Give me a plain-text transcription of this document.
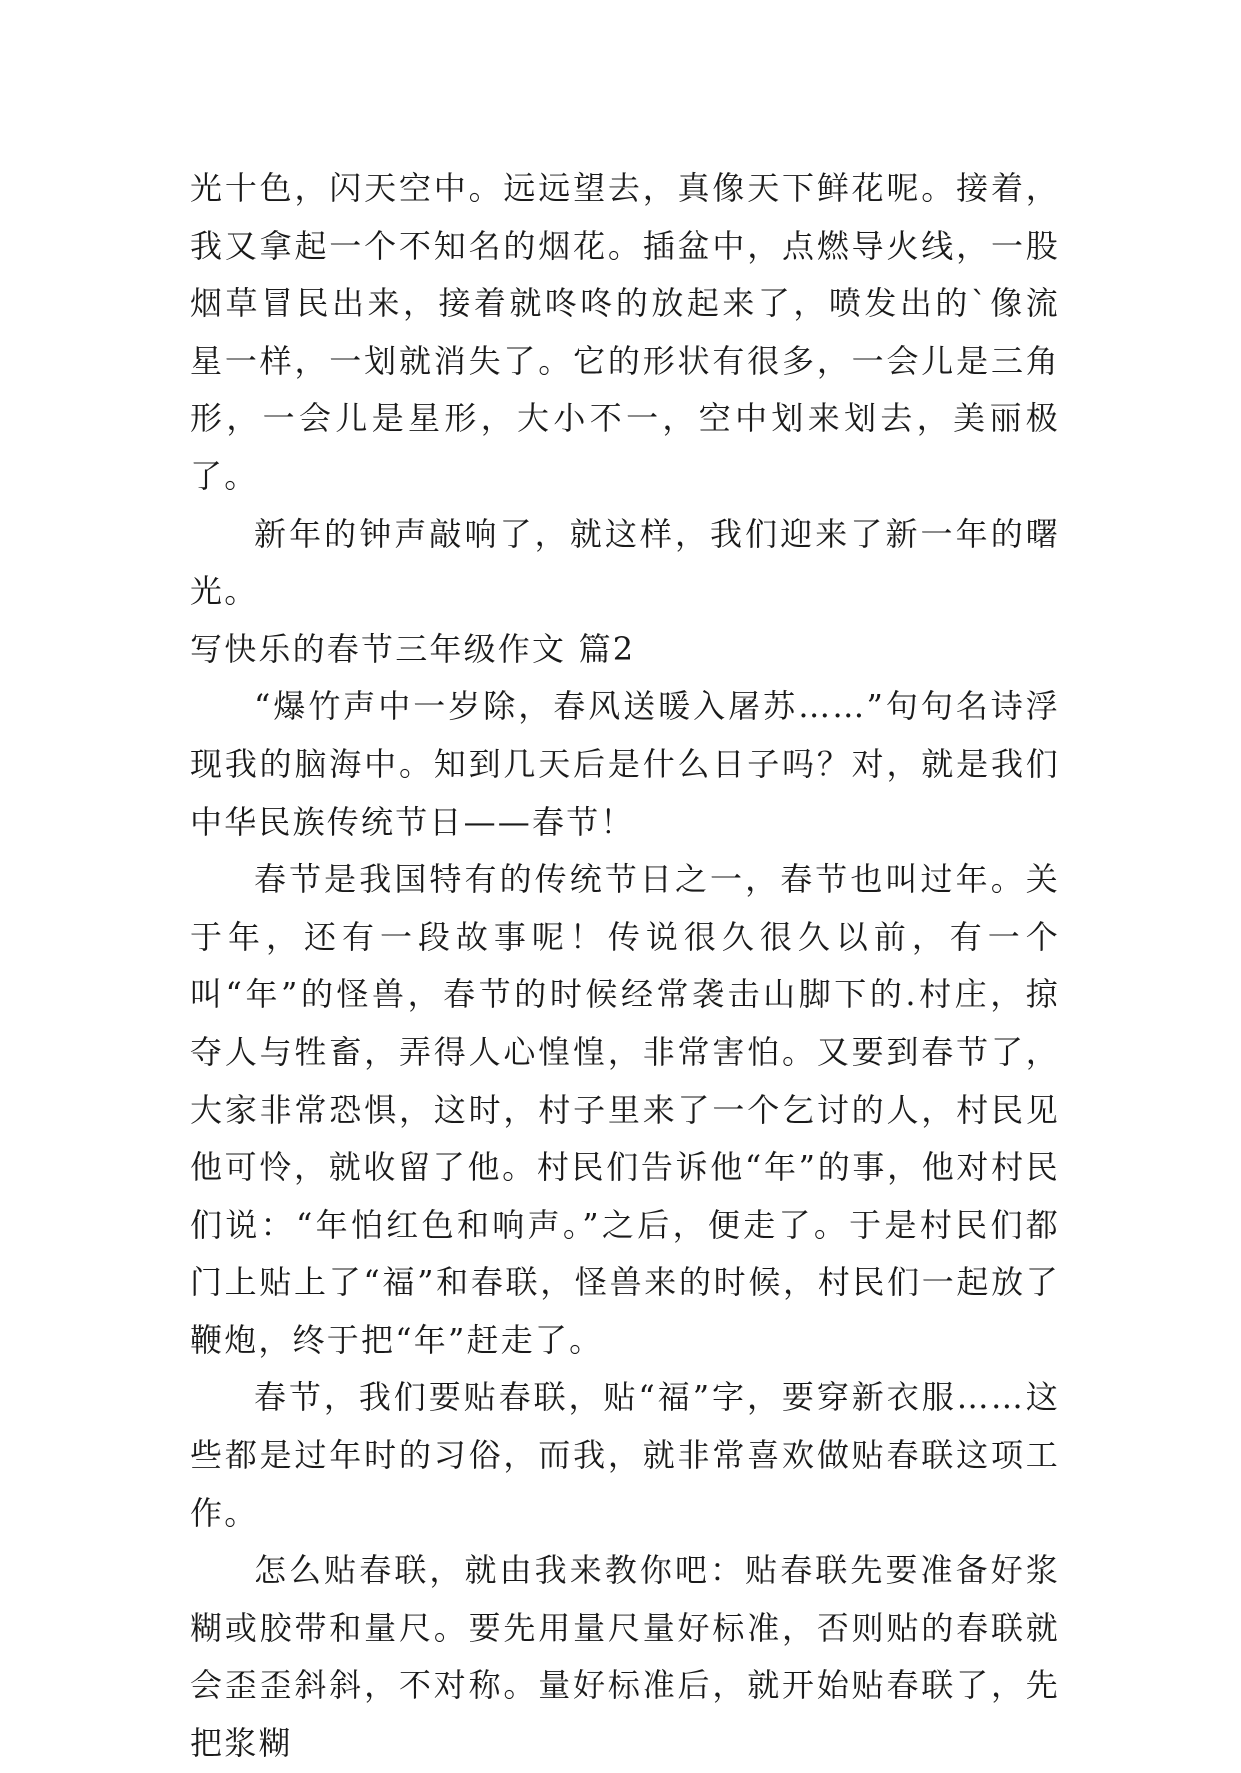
光十色，闪天空中。远远望去，真像天下鲜花呢。接着，我又拿起一个不知名的烟花。插盆中，点燃导火线，一股烟草冒民出来，接着就咚咚的放起来了，喷发出的`像流星一样，一划就消失了。它的形状有很多，一会儿是三角形，一会儿是星形，大小不一，空中划来划去，美丽极了。

新年的钟声敲响了，就这样，我们迎来了新一年的曙光。

写快乐的春节三年级作文 篇2

“爆竹声中一岁除，春风送暖入屠苏……”句句名诗浮现我的脑海中。知到几天后是什么日子吗？对，就是我们中华民族传统节日——春节！

春节是我国特有的传统节日之一，春节也叫过年。关于年，还有一段故事呢！传说很久很久以前，有一个叫“年”的怪兽，春节的时候经常袭击山脚下的.村庄，掠夺人与牲畜，弄得人心惶惶，非常害怕。又要到春节了，大家非常恐惧，这时，村子里来了一个乞讨的人，村民见他可怜，就收留了他。村民们告诉他“年”的事，他对村民们说：“年怕红色和响声。”之后，便走了。于是村民们都门上贴上了“福”和春联，怪兽来的时候，村民们一起放了鞭炮，终于把“年”赶走了。

春节，我们要贴春联，贴“福”字，要穿新衣服……这些都是过年时的习俗，而我，就非常喜欢做贴春联这项工作。

怎么贴春联，就由我来教你吧：贴春联先要准备好浆糊或胶带和量尺。要先用量尺量好标准，否则贴的春联就会歪歪斜斜，不对称。量好标准后，就开始贴春联了，先把浆糊
